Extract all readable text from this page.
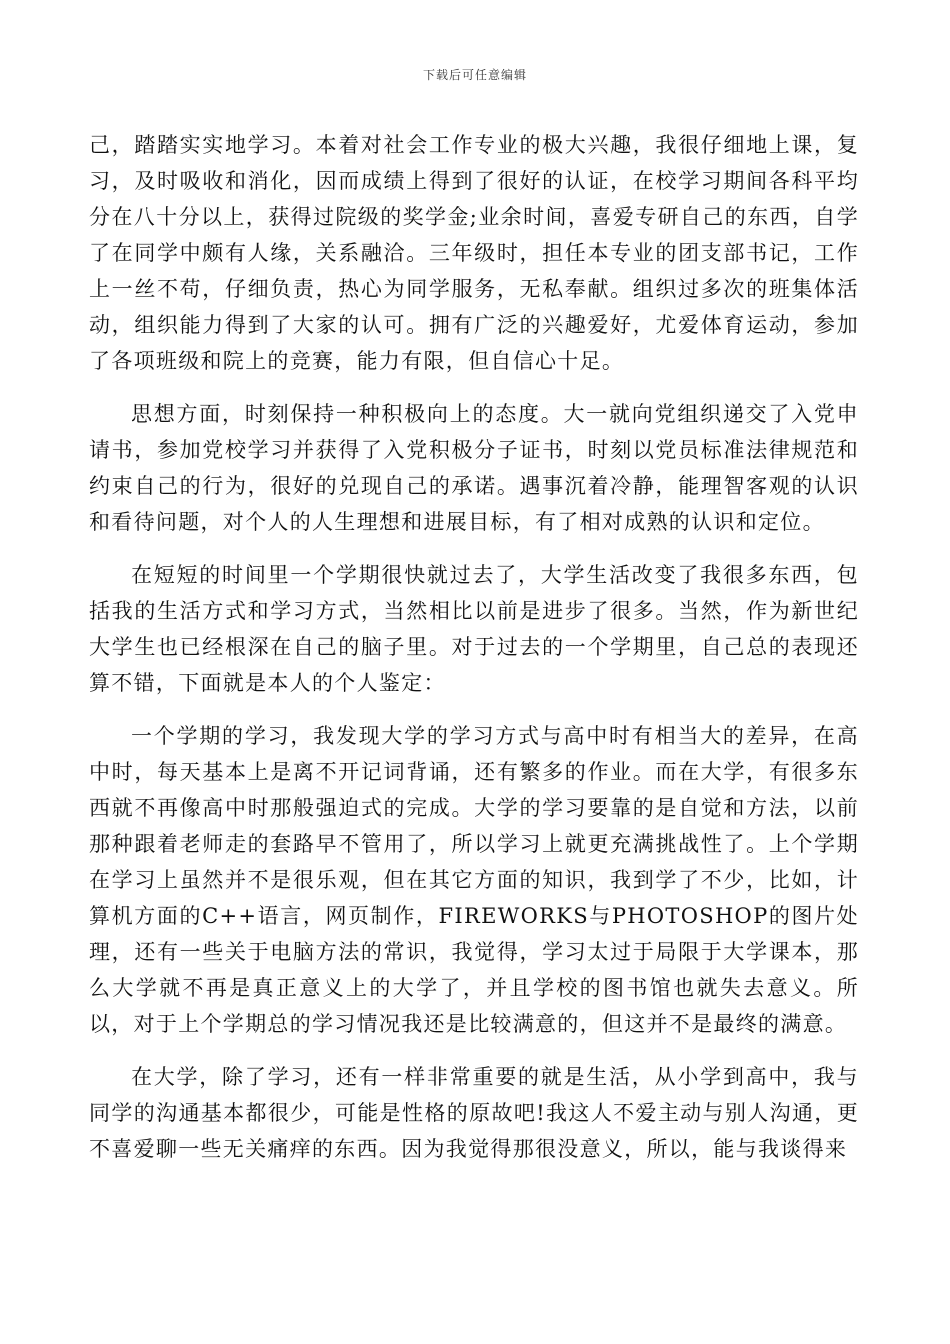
下载后可任意编辑

己，踏踏实实地学习。本着对社会工作专业的极大兴趣，我很仔细地上课，复习，及时吸收和消化，因而成绩上得到了很好的认证，在校学习期间各科平均分在八十分以上，获得过院级的奖学金;业余时间，喜爱专研自己的东西，自学了在同学中颇有人缘，关系融洽。三年级时，担任本专业的团支部书记，工作上一丝不苟，仔细负责，热心为同学服务，无私奉献。组织过多次的班集体活动，组织能力得到了大家的认可。拥有广泛的兴趣爱好，尤爱体育运动，参加了各项班级和院上的竞赛，能力有限，但自信心十足。

思想方面，时刻保持一种积极向上的态度。大一就向党组织递交了入党申请书，参加党校学习并获得了入党积极分子证书，时刻以党员标准法律规范和约束自己的行为，很好的兑现自己的承诺。遇事沉着冷静，能理智客观的认识和看待问题，对个人的人生理想和进展目标，有了相对成熟的认识和定位。

在短短的时间里一个学期很快就过去了，大学生活改变了我很多东西，包括我的生活方式和学习方式，当然相比以前是进步了很多。当然，作为新世纪大学生也已经根深在自己的脑子里。对于过去的一个学期里，自己总的表现还算不错，下面就是本人的个人鉴定：

一个学期的学习，我发现大学的学习方式与高中时有相当大的差异，在高中时，每天基本上是离不开记词背诵，还有繁多的作业。而在大学，有很多东西就不再像高中时那般强迫式的完成。大学的学习要靠的是自觉和方法，以前那种跟着老师走的套路早不管用了，所以学习上就更充满挑战性了。上个学期在学习上虽然并不是很乐观，但在其它方面的知识，我到学了不少，比如，计算机方面的C++语言，网页制作，FIREWORKS与PHOTOSHOP的图片处理，还有一些关于电脑方法的常识，我觉得，学习太过于局限于大学课本，那么大学就不再是真正意义上的大学了，并且学校的图书馆也就失去意义。所以，对于上个学期总的学习情况我还是比较满意的，但这并不是最终的满意。

在大学，除了学习，还有一样非常重要的就是生活，从小学到高中，我与同学的沟通基本都很少，可能是性格的原故吧!我这人不爱主动与别人沟通，更不喜爱聊一些无关痛痒的东西。因为我觉得那很没意义，所以，能与我谈得来
